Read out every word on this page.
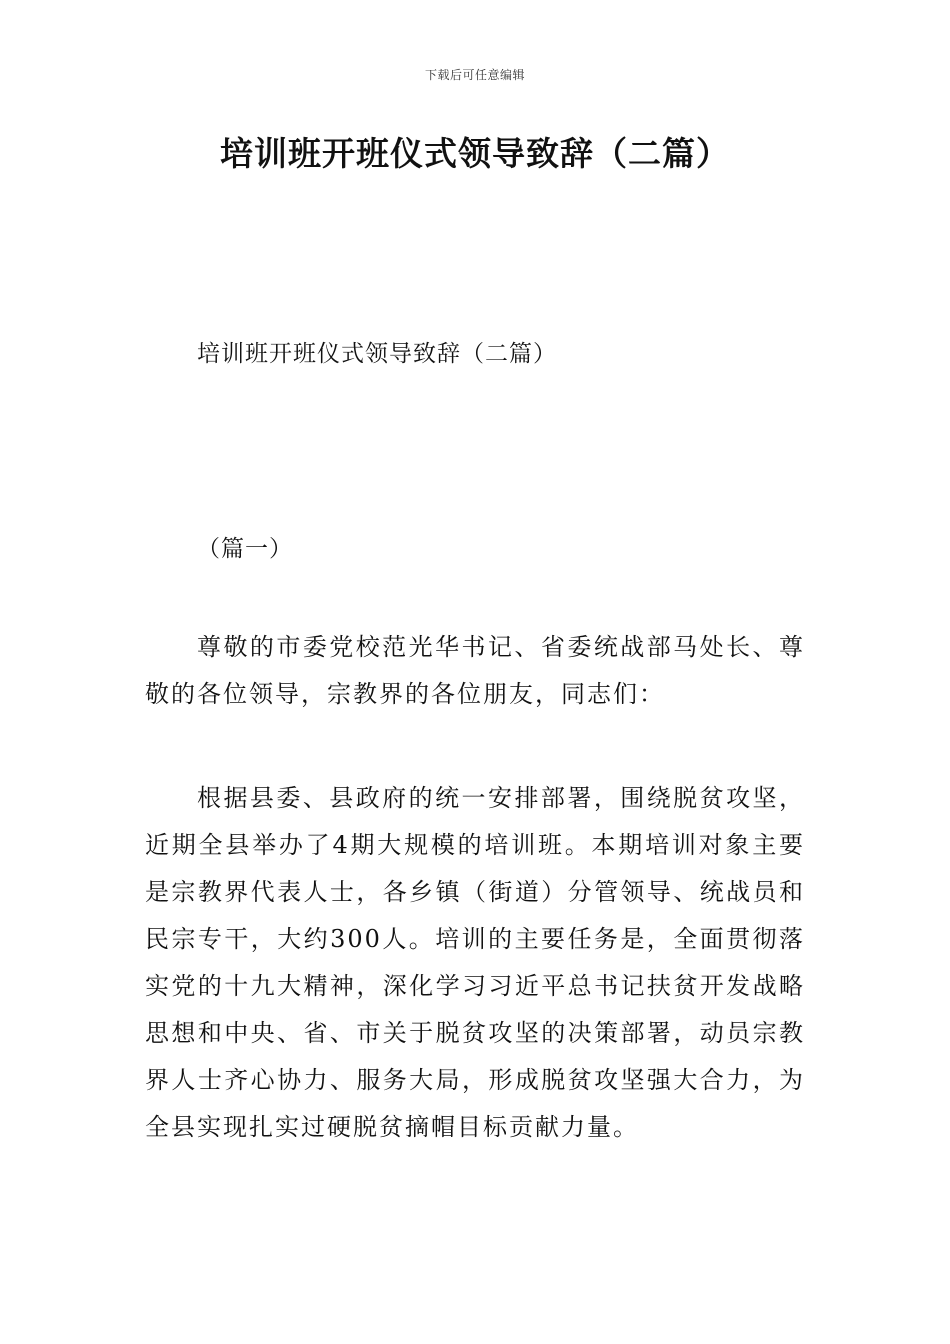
下载后可任意编辑
培训班开班仪式领导致辞（二篇）
培训班开班仪式领导致辞（二篇）
（篇一）

尊敬的市委党校范光华书记、省委统战部马处长、尊敬的各位领导，宗教界的各位朋友，同志们：

根据县委、县政府的统一安排部署，围绕脱贫攻坚，近期全县举办了4期大规模的培训班。本期培训对象主要是宗教界代表人士，各乡镇（街道）分管领导、统战员和民宗专干，大约300人。培训的主要任务是，全面贯彻落实党的十九大精神，深化学习习近平总书记扶贫开发战略思想和中央、省、市关于脱贫攻坚的决策部署，动员宗教界人士齐心协力、服务大局，形成脱贫攻坚强大合力，为全县实现扎实过硬脱贫摘帽目标贡献力量。
